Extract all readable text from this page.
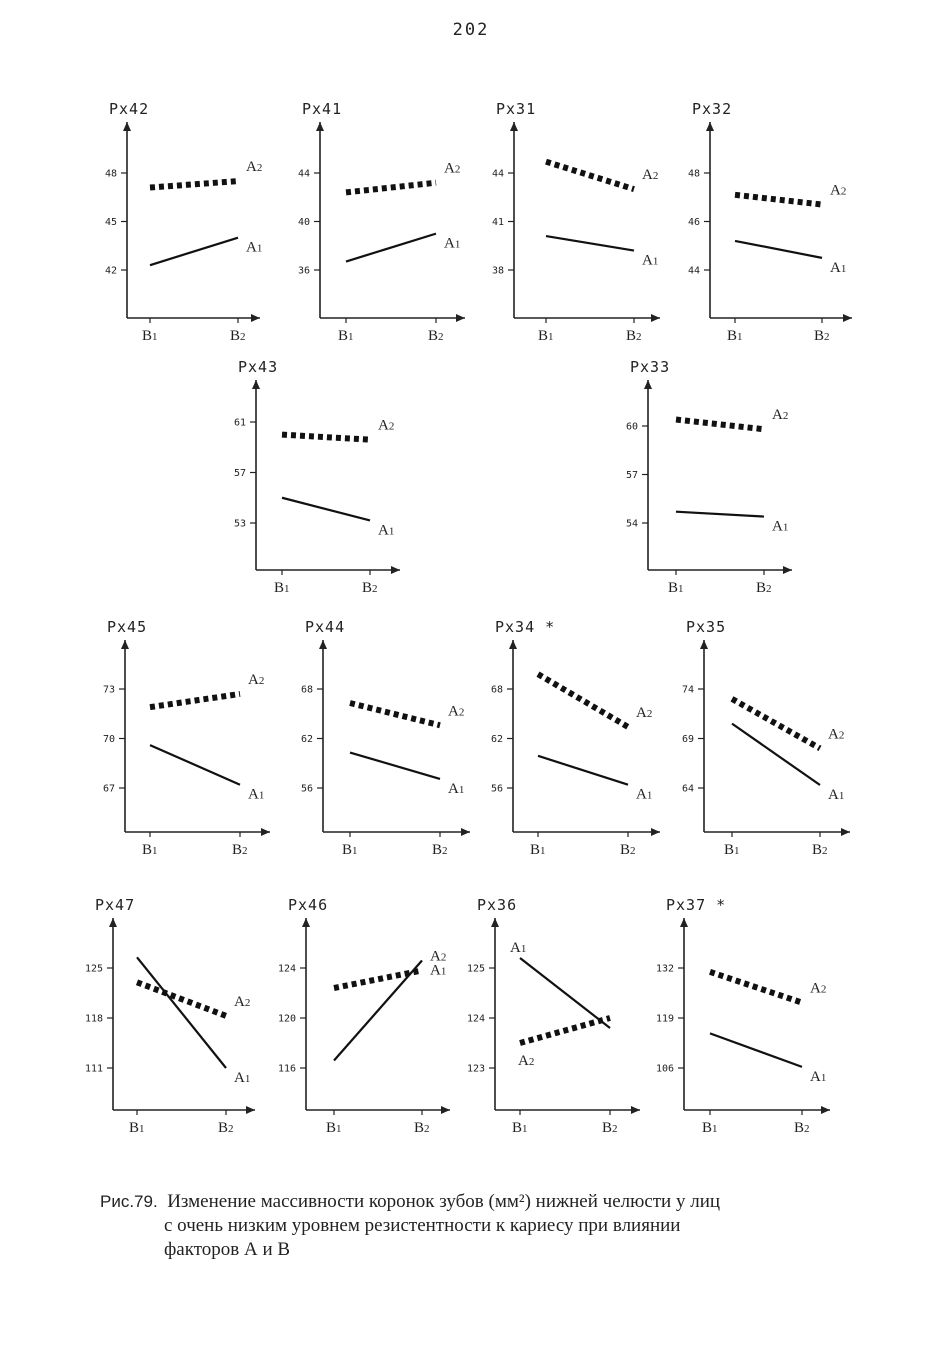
202
Px42
42
45
48
B1	B2
A2
A1
Px41
36
40
44
B1	B2
A2
A1
Px31
38
41
44
B1	B2
A2
A1
Px32
44
46
48
B1	B2
A2
A1
Px43
53
57
61
B1	B2
A2
A1
Px33
54
57
60
B1	B2
A2
A1
Px45
67
70
73
B1	B2
A2
A1
Px44
56
62
68
B1	B2
A2
A1
Px34 *
56
62
68
B1	B2
A2
A1
Px35
64
69
74
B1	B2
A2
A1
Px47
111
118
125
B1	B2
A2
A1
Px46
116
120
124
B1	B2
A2
A1
Px36
123
124
125
B1	B2
A2
A1
Px37 *
106
119
132
B1	B2
A2
A1
Рис.79. Изменение массивности коронок зубов (мм²) нижней челюсти у лиц
с очень низким уровнем резистентности к кариесу при влиянии
факторов А и В
